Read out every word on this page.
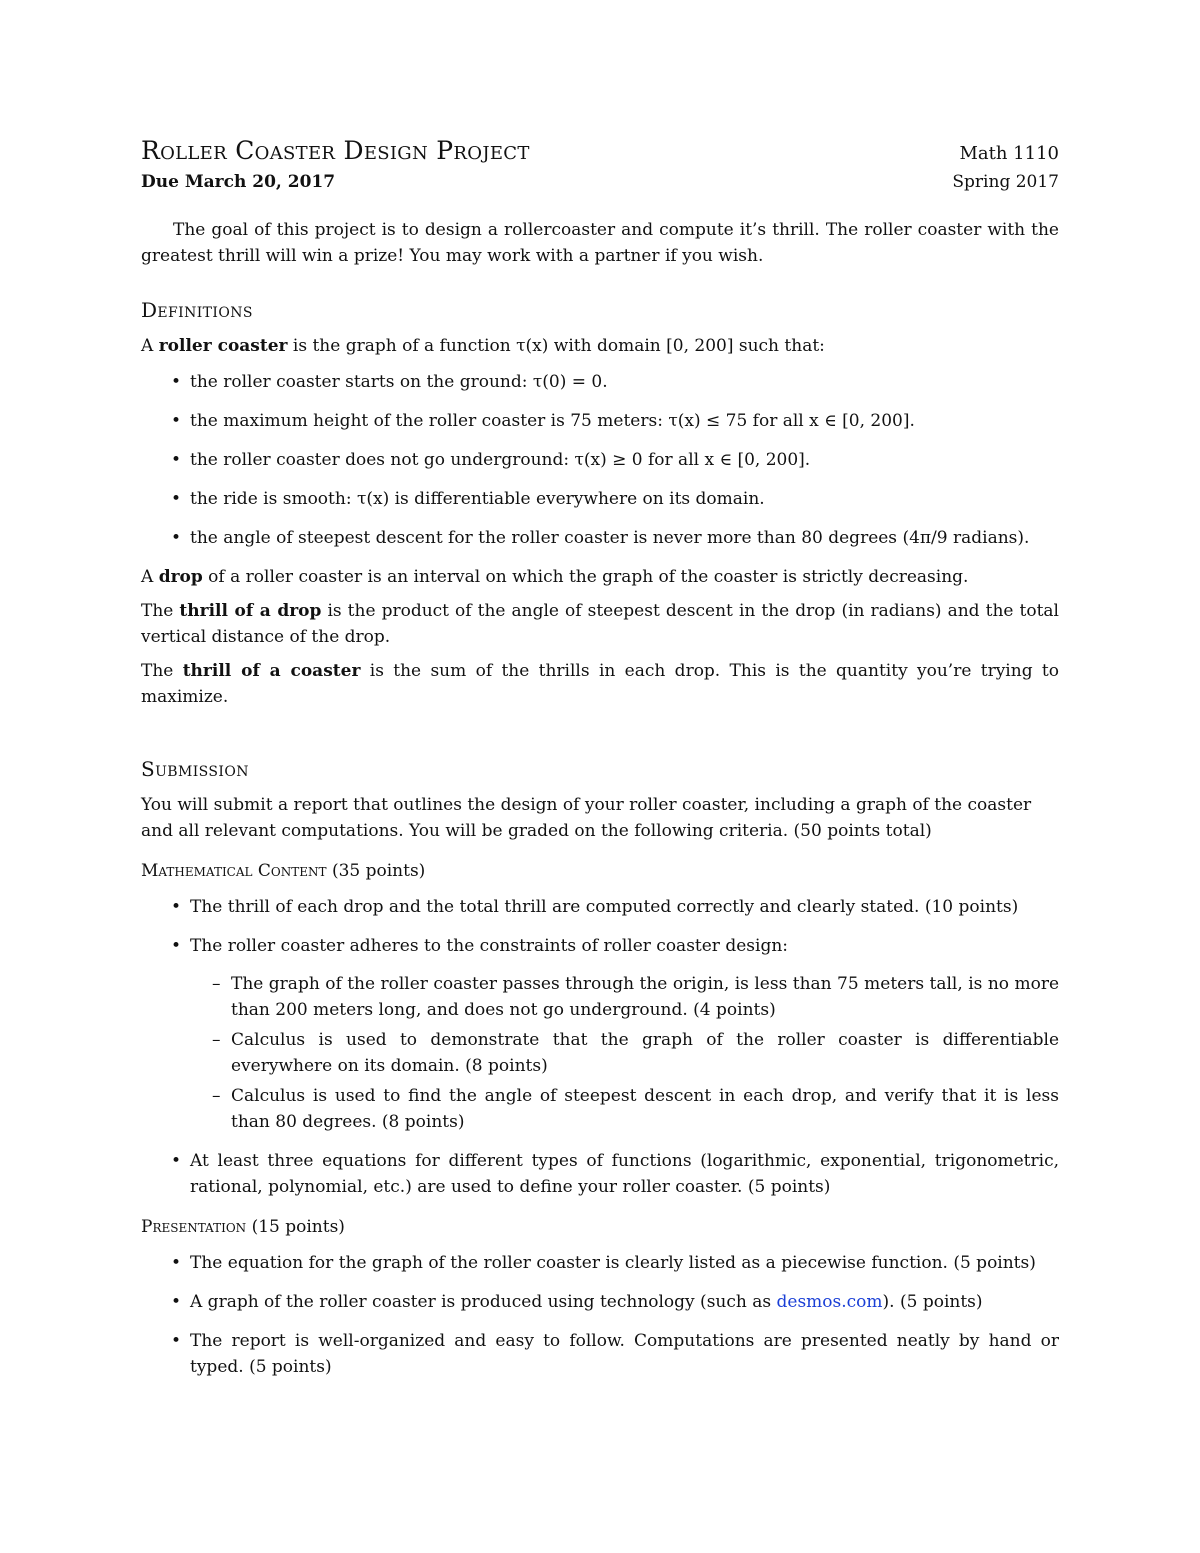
Roller Coaster Design Project	Math 1110
Due March 20, 2017	Spring 2017

The goal of this project is to design a rollercoaster and compute it’s thrill. The roller coaster with the greatest thrill will win a prize! You may work with a partner if you wish.

Definitions

A roller coaster is the graph of a function τ(x) with domain [0, 200] such that:

• the roller coaster starts on the ground: τ(0) = 0.
• the maximum height of the roller coaster is 75 meters: τ(x) ≤ 75 for all x ∈ [0, 200].
• the roller coaster does not go underground: τ(x) ≥ 0 for all x ∈ [0, 200].
• the ride is smooth: τ(x) is differentiable everywhere on its domain.
• the angle of steepest descent for the roller coaster is never more than 80 degrees (4π/9 radians).

A drop of a roller coaster is an interval on which the graph of the coaster is strictly decreasing.

The thrill of a drop is the product of the angle of steepest descent in the drop (in radians) and the total vertical distance of the drop.

The thrill of a coaster is the sum of the thrills in each drop. This is the quantity you’re trying to maximize.

Submission

You will submit a report that outlines the design of your roller coaster, including a graph of the coaster and all relevant computations. You will be graded on the following criteria. (50 points total)

Mathematical Content (35 points)
• The thrill of each drop and the total thrill are computed correctly and clearly stated. (10 points)
• The roller coaster adheres to the constraints of roller coaster design:
– The graph of the roller coaster passes through the origin, is less than 75 meters tall, is no more than 200 meters long, and does not go underground. (4 points)
– Calculus is used to demonstrate that the graph of the roller coaster is differentiable everywhere on its domain. (8 points)
– Calculus is used to find the angle of steepest descent in each drop, and verify that it is less than 80 degrees. (8 points)
• At least three equations for different types of functions (logarithmic, exponential, trigonometric, rational, polynomial, etc.) are used to define your roller coaster. (5 points)
Presentation (15 points)
• The equation for the graph of the roller coaster is clearly listed as a piecewise function. (5 points)
• A graph of the roller coaster is produced using technology (such as desmos.com). (5 points)
• The report is well-organized and easy to follow. Computations are presented neatly by hand or typed. (5 points)
